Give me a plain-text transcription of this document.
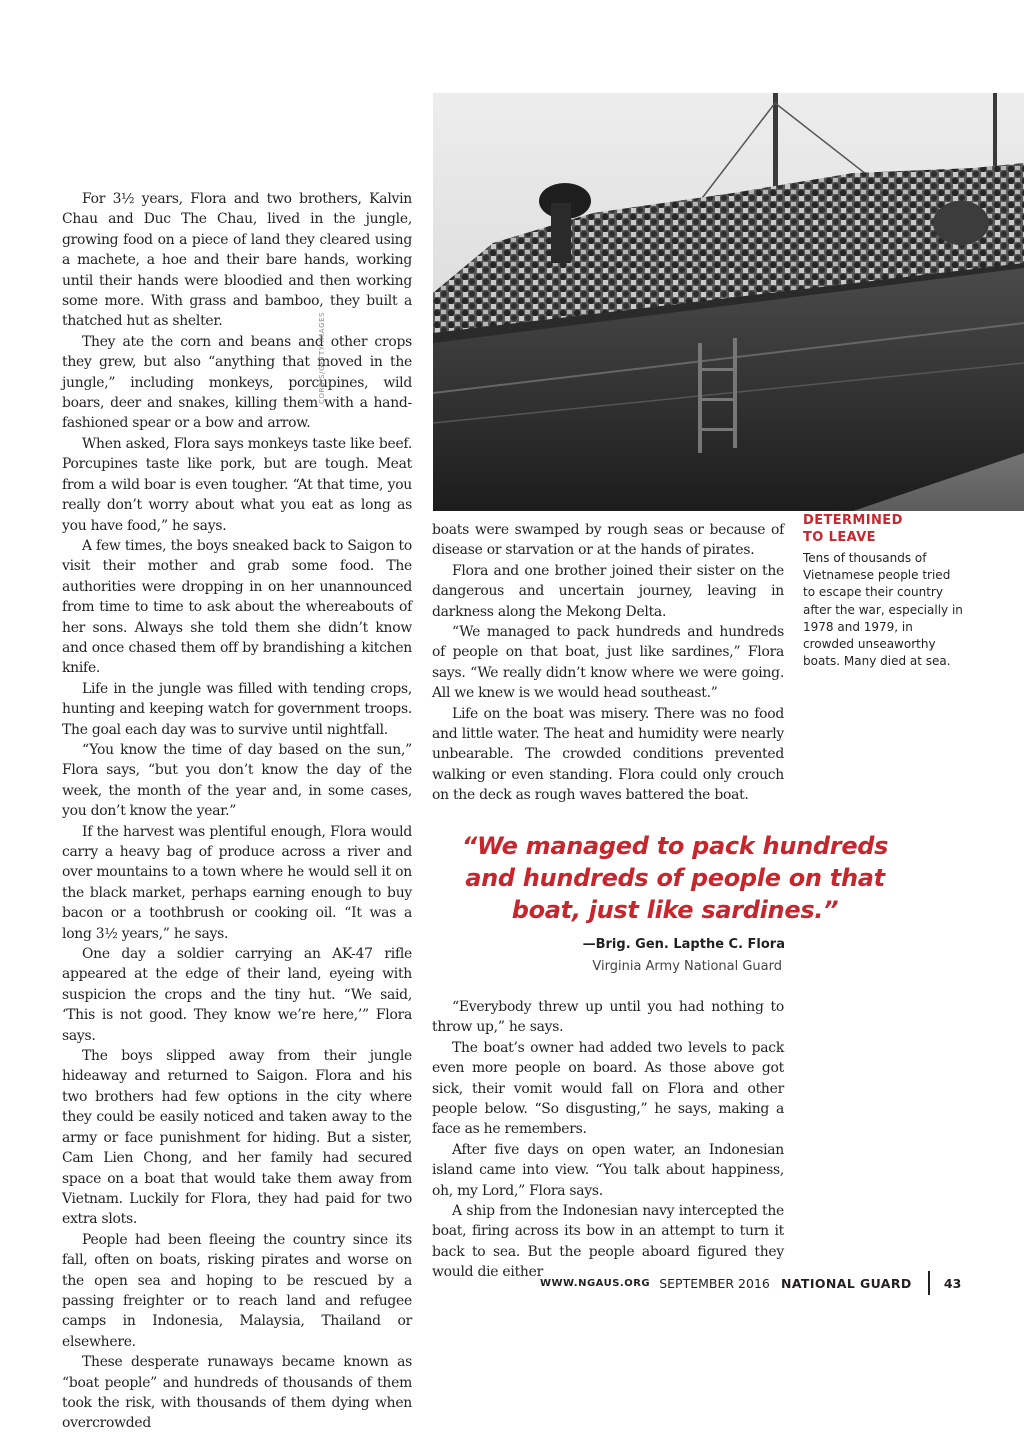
For 3½ years, Flora and two brothers, Kalvin Chau and Duc The Chau, lived in the jungle, growing food on a piece of land they cleared using a machete, a hoe and their bare hands, working until their hands were bloodied and then working some more. With grass and bamboo, they built a thatched hut as shelter.

They ate the corn and beans and other crops they grew, but also “anything that moved in the jungle,” including monkeys, porcupines, wild boars, deer and snakes, killing them with a hand-fashioned spear or a bow and arrow.

When asked, Flora says monkeys taste like beef. Porcupines taste like pork, but are tough. Meat from a wild boar is even tougher. “At that time, you really don’t worry about what you eat as long as you have food,” he says.

A few times, the boys sneaked back to Saigon to visit their mother and grab some food. The authorities were dropping in on her unannounced from time to time to ask about the whereabouts of her sons. Always she told them she didn’t know and once chased them off by brandishing a kitchen knife.

Life in the jungle was filled with tending crops, hunting and keeping watch for government troops. The goal each day was to survive until nightfall.

“You know the time of day based on the sun,” Flora says, “but you don’t know the day of the week, the month of the year and, in some cases, you don’t know the year.”

If the harvest was plentiful enough, Flora would carry a heavy bag of produce across a river and over mountains to a town where he would sell it on the black market, perhaps earning enough to buy bacon or a toothbrush or cooking oil. “It was a long 3½ years,” he says.

One day a soldier carrying an AK-47 rifle appeared at the edge of their land, eyeing with suspicion the crops and the tiny hut. “We said, ‘This is not good. They know we’re here,’” Flora says.

The boys slipped away from their jungle hideaway and returned to Saigon. Flora and his two brothers had few options in the city where they could be easily noticed and taken away to the army or face punishment for hiding. But a sister, Cam Lien Chong, and her family had secured space on a boat that would take them away from Vietnam. Luckily for Flora, they had paid for two extra slots.

People had been fleeing the country since its fall, often on boats, risking pirates and worse on the open sea and hoping to be rescued by a passing freighter or to reach land and refugee camps in Indonesia, Malaysia, Thailand or elsewhere.

These desperate runaways became known as “boat people” and hundreds of thousands of them took the risk, with thousands of them dying when overcrowded

CORBIS/GETTY IMAGES
DETERMINED
TO LEAVE

Tens of thousands of Vietnamese people tried to escape their country after the war, especially in 1978 and 1979, in crowded unseaworthy boats. Many died at sea.

boats were swamped by rough seas or because of disease or starvation or at the hands of pirates.

Flora and one brother joined their sister on the dangerous and uncertain journey, leaving in darkness along the Mekong Delta.

“We managed to pack hundreds and hundreds of people on that boat, just like sardines,” Flora says. “We really didn’t know where we were going. All we knew is we would head southeast.”

Life on the boat was misery. There was no food and little water. The heat and humidity were nearly unbearable. The crowded conditions prevented walking or even standing. Flora could only crouch on the deck as rough waves battered the boat.

“We managed to pack hundreds and hundreds of people on that boat, just like sardines.”
—Brig. Gen. Lapthe C. Flora
Virginia Army National Guard

“Everybody threw up until you had nothing to throw up,” he says.

The boat’s owner had added two levels to pack even more people on board. As those above got sick, their vomit would fall on Flora and other people below. “So disgusting,” he says, making a face as he remembers.

After five days on open water, an Indonesian island came into view. “You talk about happiness, oh, my Lord,” Flora says.

A ship from the Indonesian navy intercepted the boat, firing across its bow in an attempt to turn it back to sea. But the people aboard figured they would die either

WWW.NGAUS.ORG SEPTEMBER 2016 NATIONAL GUARD	43
